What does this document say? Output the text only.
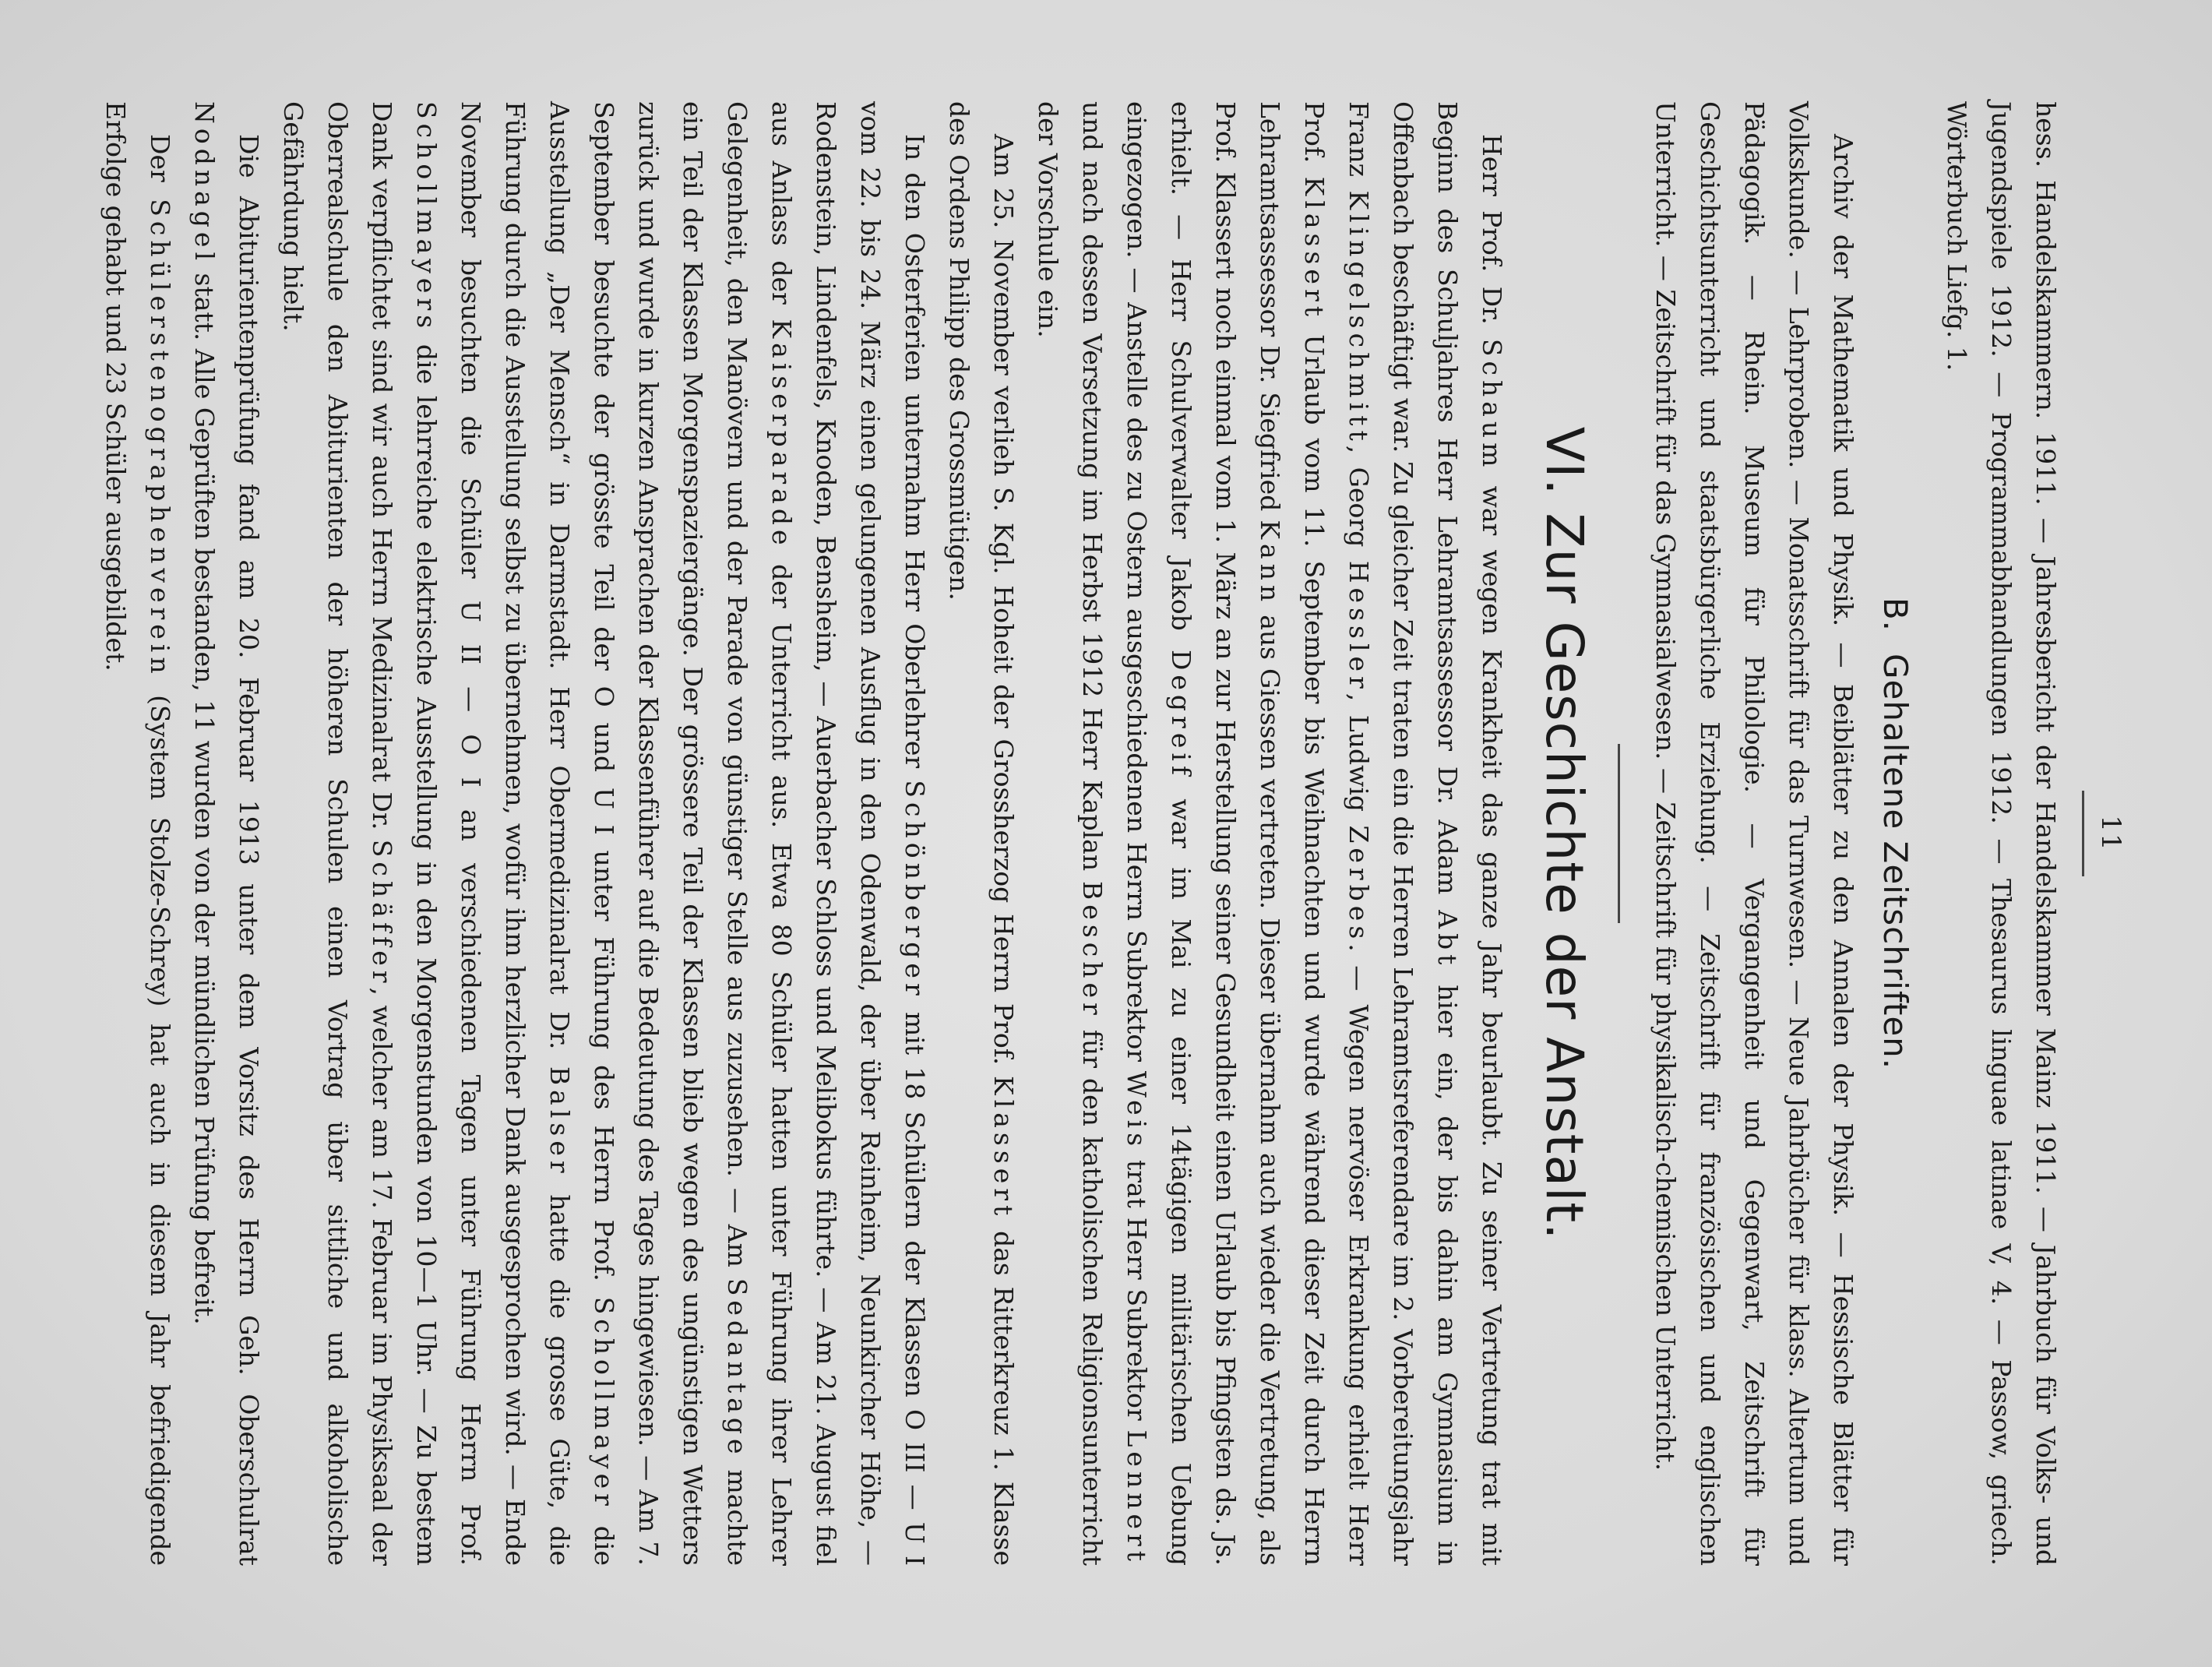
11

hess. Handelskammern. 1911. — Jahresbericht der Handelskammer Mainz 1911. — Jahrbuch für Volks- und Jugendspiele 1912. — Programmabhandlungen 1912. — Thesaurus linguae latinae V, 4. — Passow, griech. Wörterbuch Liefg. 1.

B.Gehaltene Zeitschriften.

Archiv der Mathematik und Physik. — Beiblätter zu den Annalen der Physik. — Hessische Blätter für Volkskunde. — Lehrproben. — Monatsschrift für das Turnwesen. — Neue Jahrbücher für klass. Altertum und Pädagogik. — Rhein. Museum für Philologie. — Vergangenheit und Gegenwart, Zeitschrift für Geschichtsunterricht und staatsbürgerliche Erziehung. — Zeitschrift für französischen und englischen Unterricht. — Zeitschrift für das Gymnasialwesen. — Zeitschrift für physikalisch-chemischen Unterricht.

VI. Zur Geschichte der Anstalt.

Herr Prof. Dr. Schaum war wegen Krankheit das ganze Jahr beurlaubt. Zu seiner Vertretung trat mit Beginn des Schuljahres Herr Lehramtsassessor Dr. Adam Abt hier ein, der bis dahin am Gymnasium in Offenbach beschäftigt war. Zu gleicher Zeit traten ein die Herren Lehramtsreferendare im 2. Vorbereitungsjahr Franz Klingelschmitt, Georg Hessler, Ludwig Zerbes. — Wegen nervöser Erkrankung erhielt Herr Prof. Klassert Urlaub vom 11. September bis Weihnachten und wurde während dieser Zeit durch Herrn Lehramtsassessor Dr. Siegfried Kann aus Giessen vertreten. Dieser übernahm auch wieder die Vertretung, als Prof. Klassert noch einmal vom 1. März an zur Herstellung seiner Gesundheit einen Urlaub bis Pfingsten ds. Js. erhielt. — Herr Schulverwalter Jakob Degreif war im Mai zu einer 14tägigen militärischen Uebung eingezogen. — Anstelle des zu Ostern ausgeschiedenen Herrn Subrektor Weis trat Herr Subrektor Lennert und nach dessen Versetzung im Herbst 1912 Herr Kaplan Bescher für den katholischen Religionsunterricht der Vorschule ein.

Am 25. November verlieh S. Kgl. Hoheit der Grossherzog Herrn Prof. Klassert das Ritterkreuz 1. Klasse des Ordens Philipp des Grossmütigen.

In den Osterferien unternahm Herr Oberlehrer Schönberger mit 18 Schülern der Klassen O III — U I vom 22. bis 24. März einen gelungenen Ausflug in den Odenwald, der über Reinheim, Neunkircher Höhe, — Rodenstein, Lindenfels, Knoden, Bensheim, — Auerbacher Schloss und Melibokus führte. — Am 21. August fiel aus Anlass der Kaiserparade der Unterricht aus. Etwa 80 Schüler hatten unter Führung ihrer Lehrer Gelegenheit, den Manövern und der Parade von günstiger Stelle aus zuzusehen. — Am Sedantage machte ein Teil der Klassen Morgenspaziergänge. Der grössere Teil der Klassen blieb wegen des ungünstigen Wetters zurück und wurde in kurzen Ansprachen der Klassenführer auf die Bedeutung des Tages hingewiesen. — Am 7. September besuchte der grösste Teil der O und U I unter Führung des Herrn Prof. Schollmayer die Ausstellung „Der Mensch“ in Darmstadt. Herr Obermedizinalrat Dr. Balser hatte die grosse Güte, die Führung durch die Ausstellung selbst zu übernehmen, wofür ihm herzlicher Dank ausgesprochen wird. — Ende November besuchten die Schüler U II — O I an verschiedenen Tagen unter Führung Herrn Prof. Schollmayers die lehrreiche elektrische Ausstellung in den Morgenstunden von 10—1 Uhr. — Zu bestem Dank verpflichtet sind wir auch Herrn Medizinalrat Dr. Schäffer, welcher am 17. Februar im Physiksaal der Oberrealschule den Abiturienten der höheren Schulen einen Vortrag über sittliche und alkoholische Gefährdung hielt.

Die Abiturientenprüfung fand am 20. Februar 1913 unter dem Vorsitz des Herrn Geh. Oberschulrat Nodnagel statt. Alle Geprüften bestanden, 11 wurden von der mündlichen Prüfung befreit.

Der Schülerstenographenverein (System Stolze-Schrey) hat auch in diesem Jahr befriedigende Erfolge gehabt und 23 Schüler ausgebildet.
